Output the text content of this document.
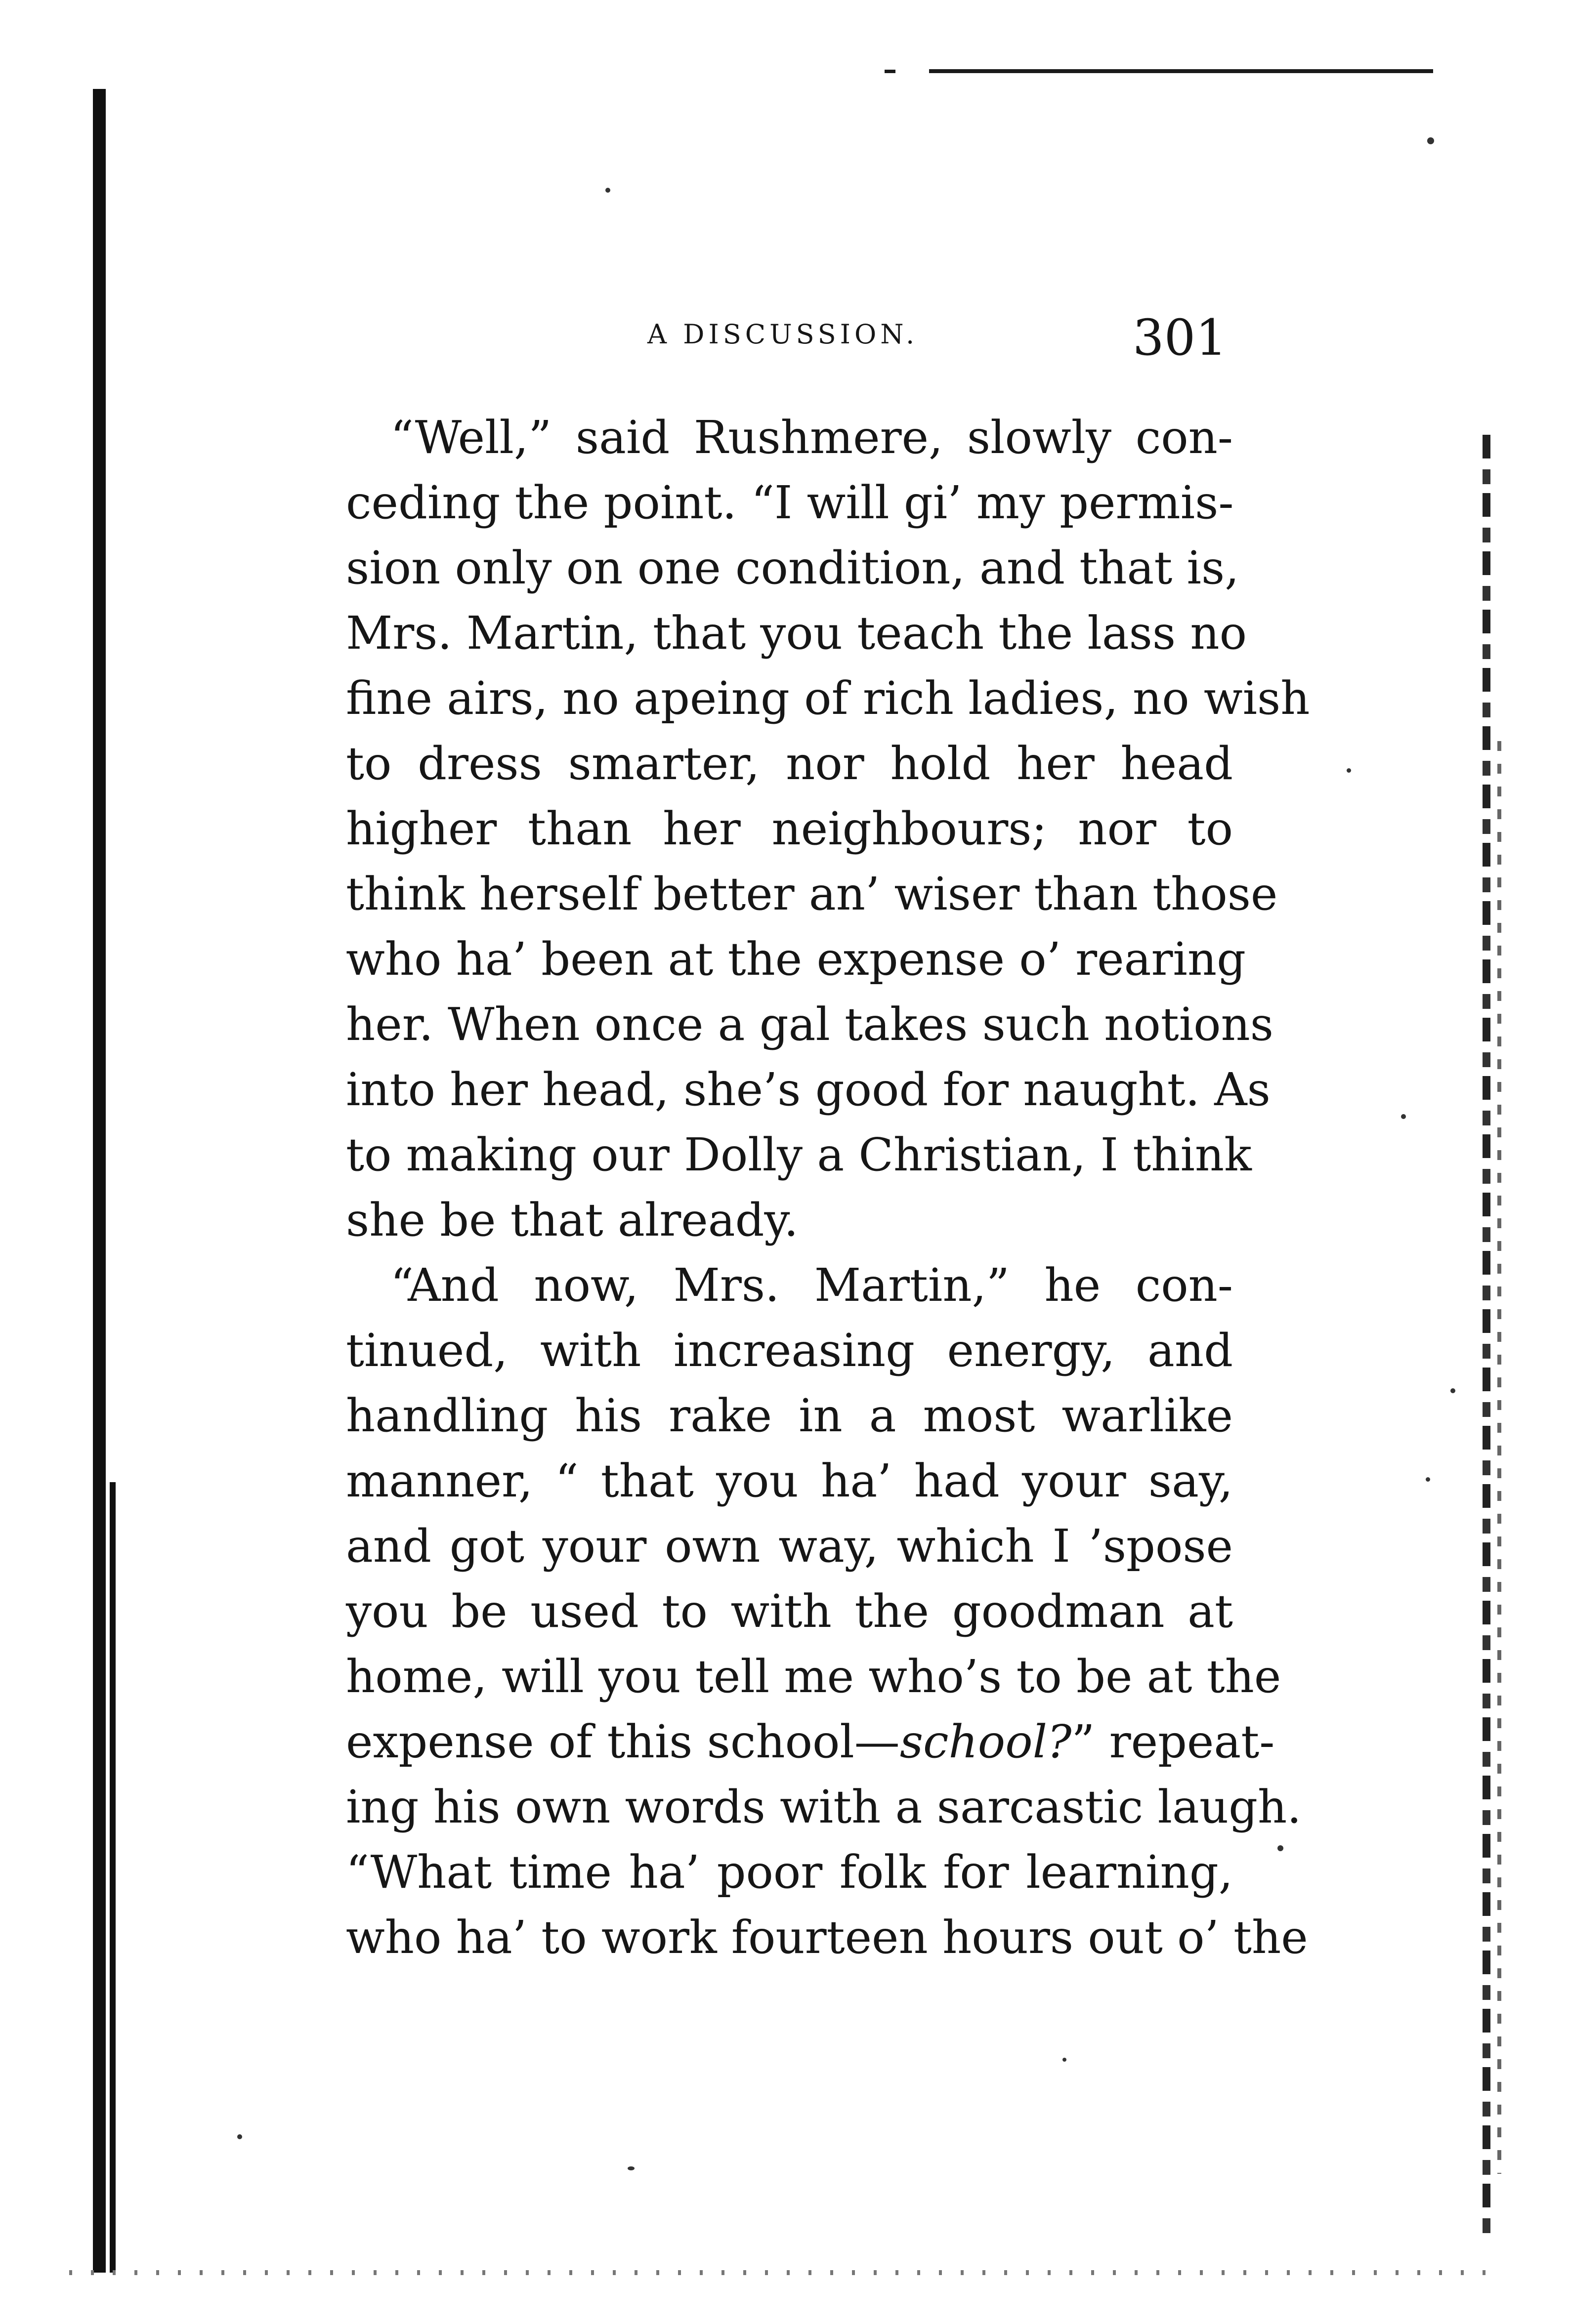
A DISCUSSION.	301
“Well,” said Rushmere, slowly con-
ceding the point. “I will gi’ my permis-
sion only on one condition, and that is,
Mrs. Martin, that you teach the lass no
fine airs, no apeing of rich ladies, no wish
to dress smarter, nor hold her head
higher than her neighbours; nor to
think herself better an’ wiser than those
who ha’ been at the expense o’ rearing
her. When once a gal takes such notions
into her head, she’s good for naught. As
to making our Dolly a Christian, I think
she be that already.
“And now, Mrs. Martin,” he con-
tinued, with increasing energy, and
handling his rake in a most warlike
manner, “ that you ha’ had your say,
and got your own way, which I ’spose
you be used to with the goodman at
home, will you tell me who’s to be at the
expense of this school—school?” repeat-
ing his own words with a sarcastic laugh.
“What time ha’ poor folk for learning,
who ha’ to work fourteen hours out o’ the
